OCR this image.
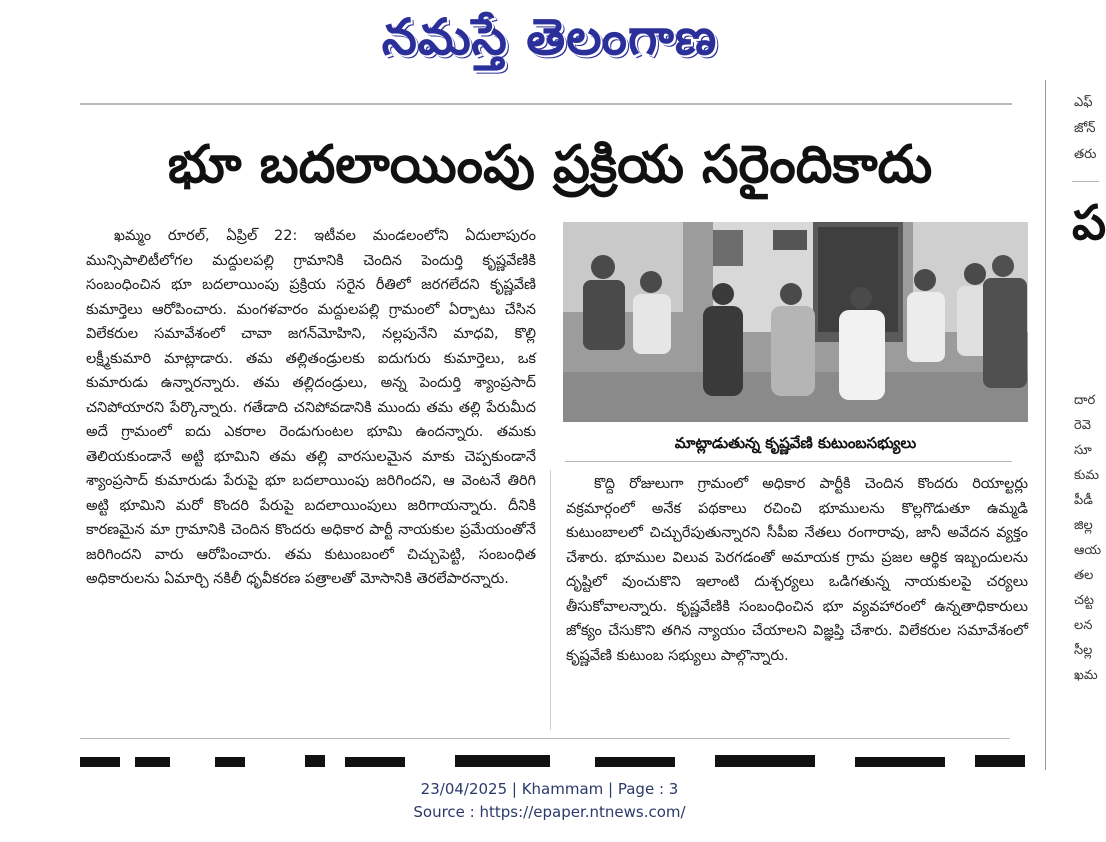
నమస్తే తెలంగాణ
భూ బదలాయింపు ప్రక్రియ సరైందికాదు

ఖమ్మం రూరల్, ఏప్రిల్ 22: ఇటీవల మండలంలోని ఏదులాపురం మున్సిపాలిటీలోగల మద్దులపల్లి గ్రామానికి చెందిన పెందుర్తి కృష్ణవేణికి సంబంధించిన భూ బదలాయింపు ప్రక్రియ సరైన రీతిలో జరగలేదని కృష్ణవేణి కుమార్తెలు ఆరోపించారు. మంగళవారం మద్దులపల్లి గ్రామంలో ఏర్పాటు చేసిన విలేకరుల సమావేశంలో చావా జగన్‌మోహిని, నల్లపునేని మాధవి, కొల్లి లక్ష్మీకుమారి మాట్లాడారు. తమ తల్లితండ్రులకు ఐదుగురు కుమార్తెలు, ఒక కుమారుడు ఉన్నారన్నారు. తమ తల్లిదండ్రులు, అన్న పెందుర్తి శ్యాంప్రసాద్ చనిపోయారని పేర్కొన్నారు. గతేడాది చనిపోవడానికి ముందు తమ తల్లి పేరుమీద అదే గ్రామంలో ఐదు ఎకరాల రెండుగుంటల భూమి ఉందన్నారు. తమకు తెలియకుండానే అట్టి భూమిని తమ తల్లి వారసులమైన మాకు చెప్పకుండానే శ్యాంప్రసాద్ కుమారుడు పేరుపై భూ బదలాయింపు జరిగిందని, ఆ వెంటనే తిరిగి అట్టి భూమిని మరో కొందరి పేరుపై బదలాయింపులు జరిగాయన్నారు. దీనికి కారణమైన మా గ్రామానికి చెందిన కొందరు అధికార పార్టీ నాయకుల ప్రమేయంతోనే జరిగిందని వారు ఆరోపించారు. తమ కుటుంబంలో చిచ్చుపెట్టి, సంబంధిత అధికారులను ఏమార్చి నకిలీ ధృవీకరణ పత్రాలతో మోసానికి తెరలేపారన్నారు.

మాట్లాడుతున్న కృష్ణవేణి కుటుంబసభ్యులు

కొద్ది రోజులుగా గ్రామంలో అధికార పార్టీకి చెందిన కొందరు రియాల్టర్లు వక్రమార్గంలో అనేక పథకాలు రచించి భూములను కొల్లగొడుతూ ఉమ్మడి కుటుంబాలలో చిచ్చురేపుతున్నారని సీపీఐ నేతలు రంగారావు, జానీ అవేదన వ్యక్తం చేశారు. భూముల విలువ పెరగడంతో అమాయక గ్రామ ప్రజల ఆర్థిక ఇబ్బందులను దృష్టిలో వుంచుకొని ఇలాంటి దుశ్చర్యలు ఒడిగతున్న నాయకులపై చర్యలు తీసుకోవాలన్నారు. కృష్ణవేణికి సంబంధించిన భూ వ్యవహారంలో ఉన్నతాధికారులు జోక్యం చేసుకొని తగిన న్యాయం చేయాలని విజ్ఞప్తి చేశారు. విలేకరుల సమావేశంలో కృష్ణవేణి కుటుంబ సభ్యులు పాల్గొన్నారు.

ఎఫ్
జోన్
తరు
దార
రెవె
సూ
కుమ
పీడీ
జిల్ల
ఆయ
తల
చట్ట
లన
సీల్ల
ఖమ
ప
23/04/2025 | Khammam | Page : 3
Source : https://epaper.ntnews.com/
